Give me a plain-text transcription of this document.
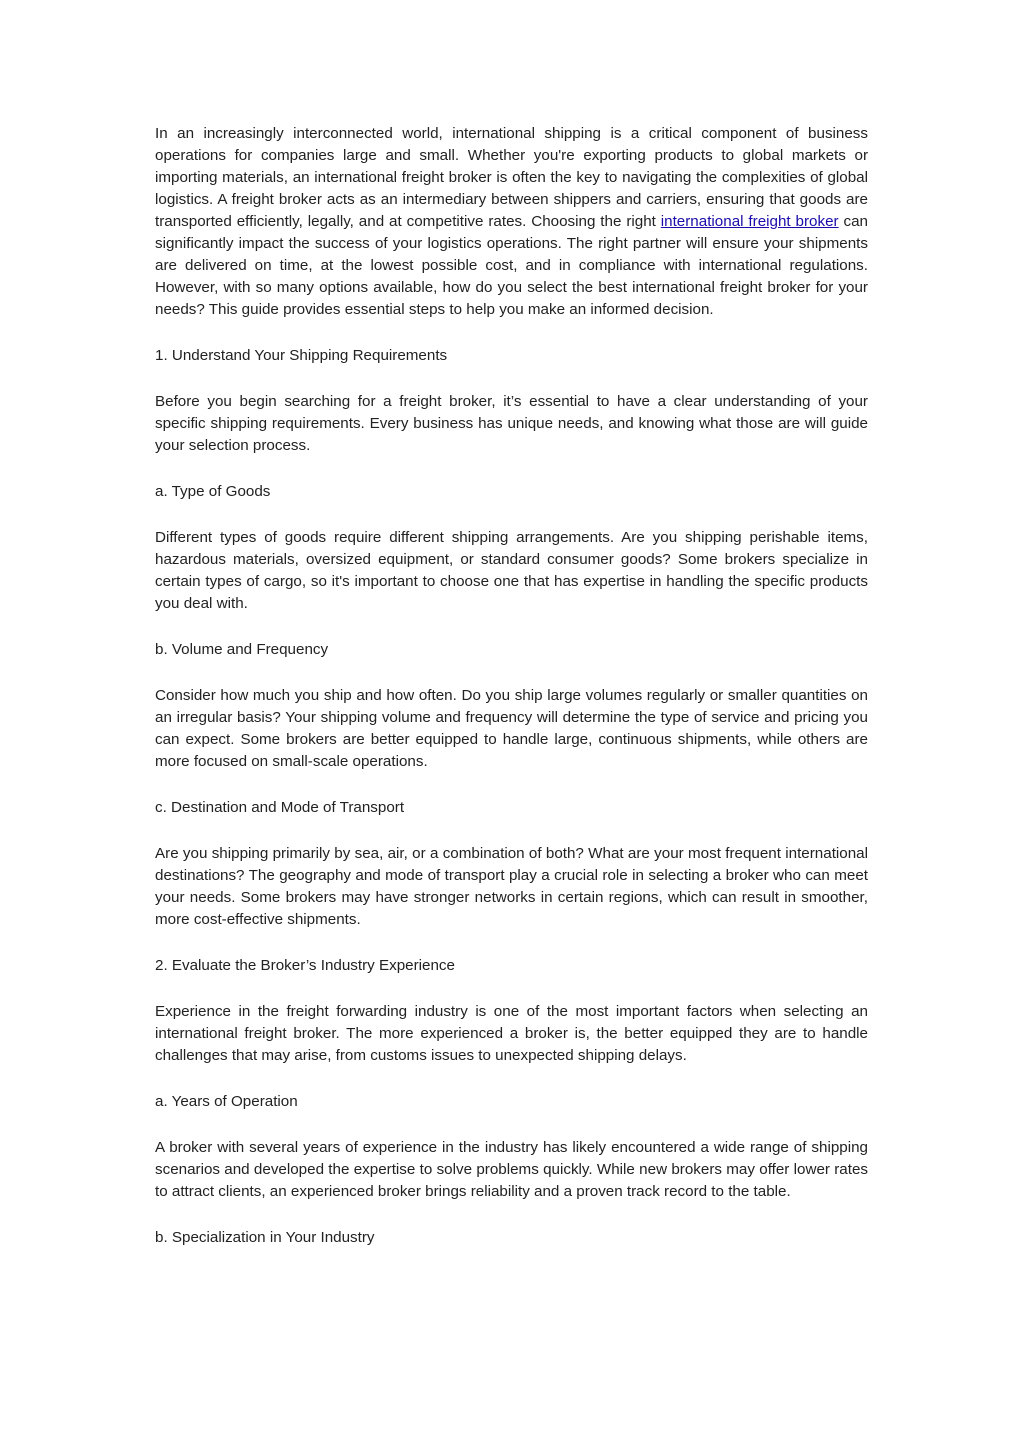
In an increasingly interconnected world, international shipping is a critical component of business operations for companies large and small. Whether you're exporting products to global markets or importing materials, an international freight broker is often the key to navigating the complexities of global logistics. A freight broker acts as an intermediary between shippers and carriers, ensuring that goods are transported efficiently, legally, and at competitive rates. Choosing the right international freight broker can significantly impact the success of your logistics operations. The right partner will ensure your shipments are delivered on time, at the lowest possible cost, and in compliance with international regulations. However, with so many options available, how do you select the best international freight broker for your needs? This guide provides essential steps to help you make an informed decision.

1. Understand Your Shipping Requirements

Before you begin searching for a freight broker, it’s essential to have a clear understanding of your specific shipping requirements. Every business has unique needs, and knowing what those are will guide your selection process.

a. Type of Goods

Different types of goods require different shipping arrangements. Are you shipping perishable items, hazardous materials, oversized equipment, or standard consumer goods? Some brokers specialize in certain types of cargo, so it's important to choose one that has expertise in handling the specific products you deal with.

b. Volume and Frequency

Consider how much you ship and how often. Do you ship large volumes regularly or smaller quantities on an irregular basis? Your shipping volume and frequency will determine the type of service and pricing you can expect. Some brokers are better equipped to handle large, continuous shipments, while others are more focused on small-scale operations.

c. Destination and Mode of Transport

Are you shipping primarily by sea, air, or a combination of both? What are your most frequent international destinations? The geography and mode of transport play a crucial role in selecting a broker who can meet your needs. Some brokers may have stronger networks in certain regions, which can result in smoother, more cost-effective shipments.

2. Evaluate the Broker’s Industry Experience

Experience in the freight forwarding industry is one of the most important factors when selecting an international freight broker. The more experienced a broker is, the better equipped they are to handle challenges that may arise, from customs issues to unexpected shipping delays.

a. Years of Operation

A broker with several years of experience in the industry has likely encountered a wide range of shipping scenarios and developed the expertise to solve problems quickly. While new brokers may offer lower rates to attract clients, an experienced broker brings reliability and a proven track record to the table.

b. Specialization in Your Industry
